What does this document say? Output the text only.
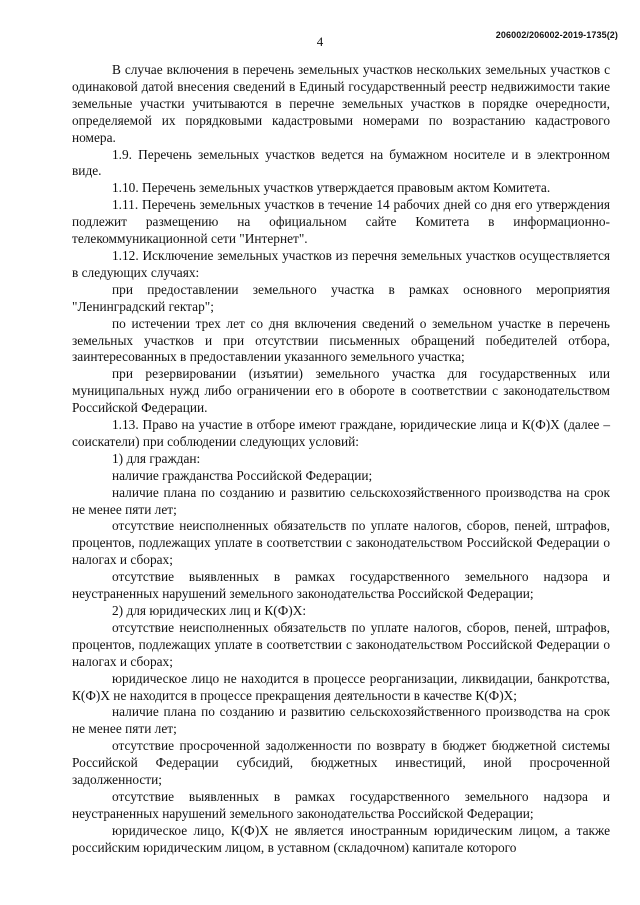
206002/206002-2019-1735(2)
4

В случае включения в перечень земельных участков нескольких земельных участков с одинаковой датой внесения сведений в Единый государственный реестр недвижимости такие земельные участки учитываются в перечне земельных участков в порядке очередности, определяемой их порядковыми кадастровыми номерами по возрастанию кадастрового номера.

1.9. Перечень земельных участков ведется на бумажном носителе и в электронном виде.

1.10. Перечень земельных участков утверждается правовым актом Комитета.

1.11. Перечень земельных участков в течение 14 рабочих дней со дня его утверждения подлежит размещению на официальном сайте Комитета в информационно-телекоммуникационной сети "Интернет".

1.12. Исключение земельных участков из перечня земельных участков осуществляется в следующих случаях:

при предоставлении земельного участка в рамках основного мероприятия "Ленинградский гектар";

по истечении трех лет со дня включения сведений о земельном участке в перечень земельных участков и при отсутствии письменных обращений победителей отбора, заинтересованных в предоставлении указанного земельного участка;

при резервировании (изъятии) земельного участка для государственных или муниципальных нужд либо ограничении его в обороте в соответствии с законодательством Российской Федерации.

1.13. Право на участие в отборе имеют граждане, юридические лица и К(Ф)Х (далее – соискатели) при соблюдении следующих условий:

1) для граждан:

наличие гражданства Российской Федерации;

наличие плана по созданию и развитию сельскохозяйственного производства на срок не менее пяти лет;

отсутствие неисполненных обязательств по уплате налогов, сборов, пеней, штрафов, процентов, подлежащих уплате в соответствии с законодательством Российской Федерации о налогах и сборах;

отсутствие выявленных в рамках государственного земельного надзора и неустраненных нарушений земельного законодательства Российской Федерации;

2) для юридических лиц и К(Ф)Х:

отсутствие неисполненных обязательств по уплате налогов, сборов, пеней, штрафов, процентов, подлежащих уплате в соответствии с законодательством Российской Федерации о налогах и сборах;

юридическое лицо не находится в процессе реорганизации, ликвидации, банкротства, К(Ф)Х не находится в процессе прекращения деятельности в качестве К(Ф)Х;

наличие плана по созданию и развитию сельскохозяйственного производства на срок не менее пяти лет;

отсутствие просроченной задолженности по возврату в бюджет бюджетной системы Российской Федерации субсидий, бюджетных инвестиций, иной просроченной задолженности;

отсутствие выявленных в рамках государственного земельного надзора и неустраненных нарушений земельного законодательства Российской Федерации;

юридическое лицо, К(Ф)Х не является иностранным юридическим лицом, а также российским юридическим лицом, в уставном (складочном) капитале которого
